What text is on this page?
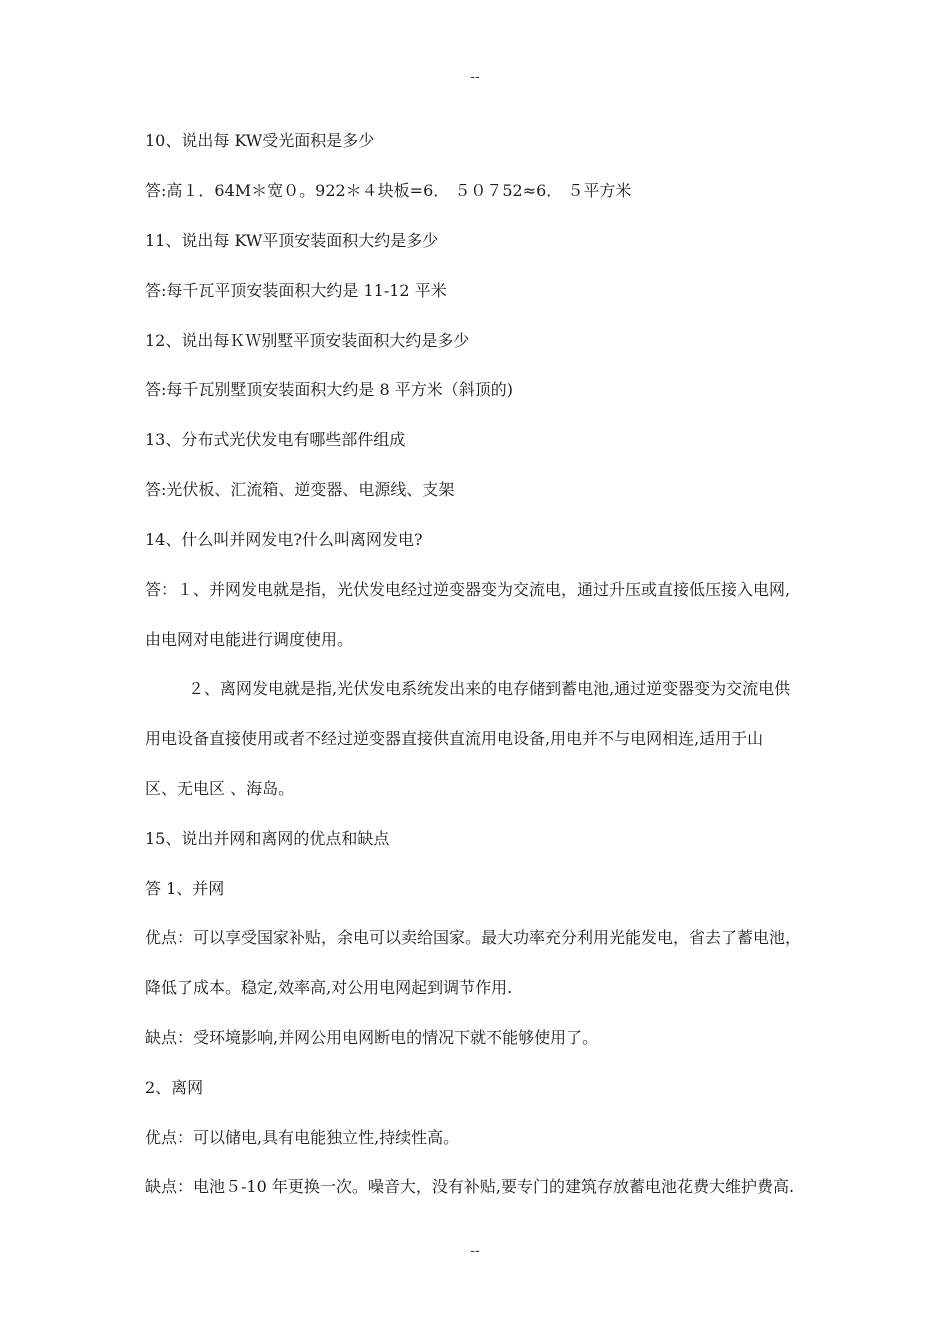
--
10、说出每 KW受光面积是多少
答:高１．64M＊宽０。922＊４块板=6． ５０７52≈6． ５平方米
11、说出每 KW平顶安装面积大约是多少
答:每千瓦平顶安装面积大约是 11-12 平米
12、说出每ＫＷ别墅平顶安装面积大约是多少
答:每千瓦别墅顶安装面积大约是 8 平方米（斜顶的)
13、分布式光伏发电有哪些部件组成
答:光伏板、汇流箱、逆变器、电源线、支架
14、什么叫并网发电?什么叫离网发电?
答：１、并网发电就是指，光伏发电经过逆变器变为交流电，通过升压或直接低压接入电网,
由电网对电能进行调度使用。
２、离网发电就是指,光伏发电系统发出来的电存储到蓄电池,通过逆变器变为交流电供
用电设备直接使用或者不经过逆变器直接供直流用电设备,用电并不与电网相连,适用于山
区、无电区 、海岛。
15、说出并网和离网的优点和缺点
答 1、并网
优点：可以享受国家补贴，余电可以卖给国家。最大功率充分利用光能发电，省去了蓄电池，
降低了成本。稳定,效率高,对公用电网起到调节作用.
缺点：受环境影响,并网公用电网断电的情况下就不能够使用了。
2、离网
优点：可以储电,具有电能独立性,持续性高。
缺点：电池５-10 年更换一次。噪音大，没有补贴,要专门的建筑存放蓄电池花费大维护费高.
--
